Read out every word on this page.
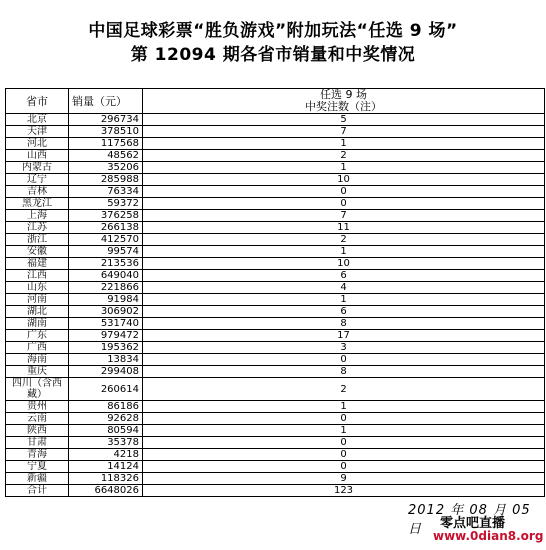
中国足球彩票“胜负游戏”附加玩法“任选 9 场”
第 12094 期各省市销量和中奖情况
省市	销量（元）	任选 9 场
中奖注数（注）

北京	296734	5
天津	378510	7
河北	117568	1
山西	48562	2
内蒙古	35206	1
辽宁	285988	10
吉林	76334	0
黑龙江	59372	0
上海	376258	7
江苏	266138	11
浙江	412570	2
安徽	99574	1
福建	213536	10
江西	649040	6
山东	221866	4
河南	91984	1
湖北	306902	6
湖南	531740	8
广东	979472	17
广西	195362	3
海南	13834	0
重庆	299408	8
四川（含西藏）	260614	2
贵州	86186	1
云南	92628	0
陕西	80594	1
甘肃	35378	0
青海	4218	0
宁夏	14124	0
新疆	118326	9
合计	6648026	123
2012 年 08 月 05 日	零点吧直播
www.0dian8.org
